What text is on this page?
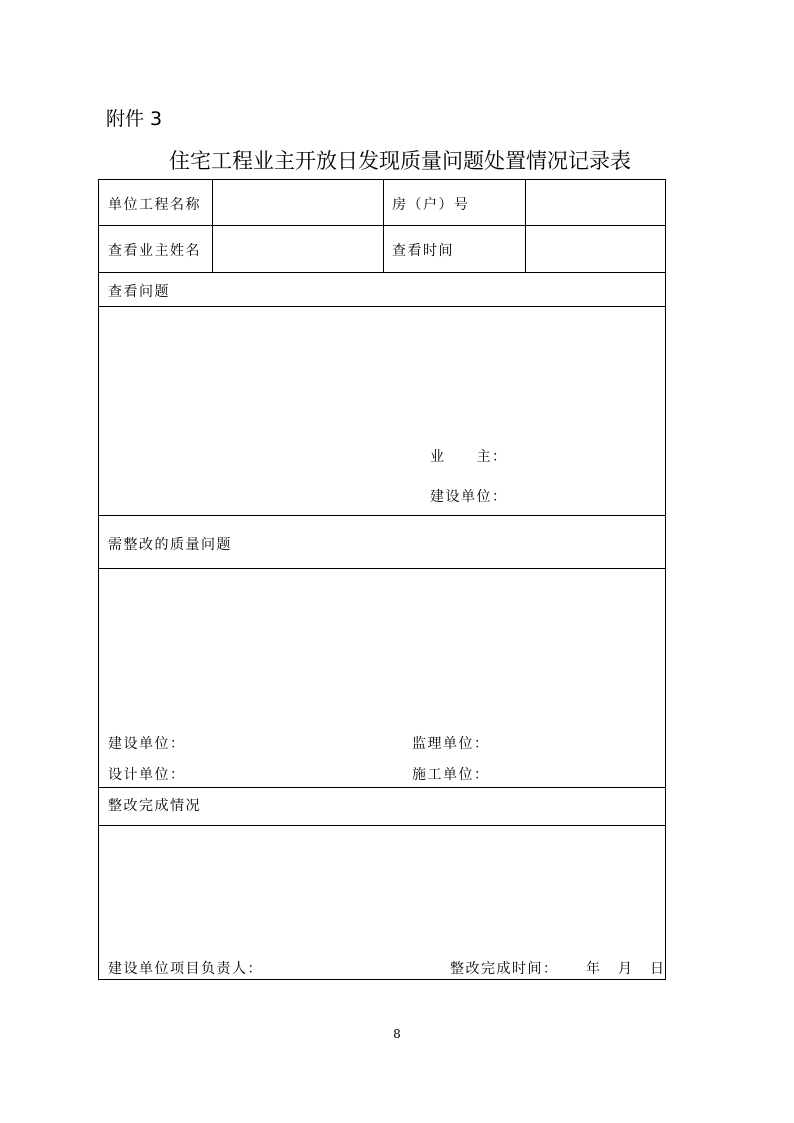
附件 3
住宅工程业主开放日发现质量问题处置情况记录表
单位工程名称	房（户）号
查看业主姓名	查看时间
查看问题
业　　主：
建设单位：
需整改的质量问题
建设单位：	监理单位：
设计单位：	施工单位：
整改完成情况
建设单位项目负责人：	整改完成时间： 年 月 日
8
